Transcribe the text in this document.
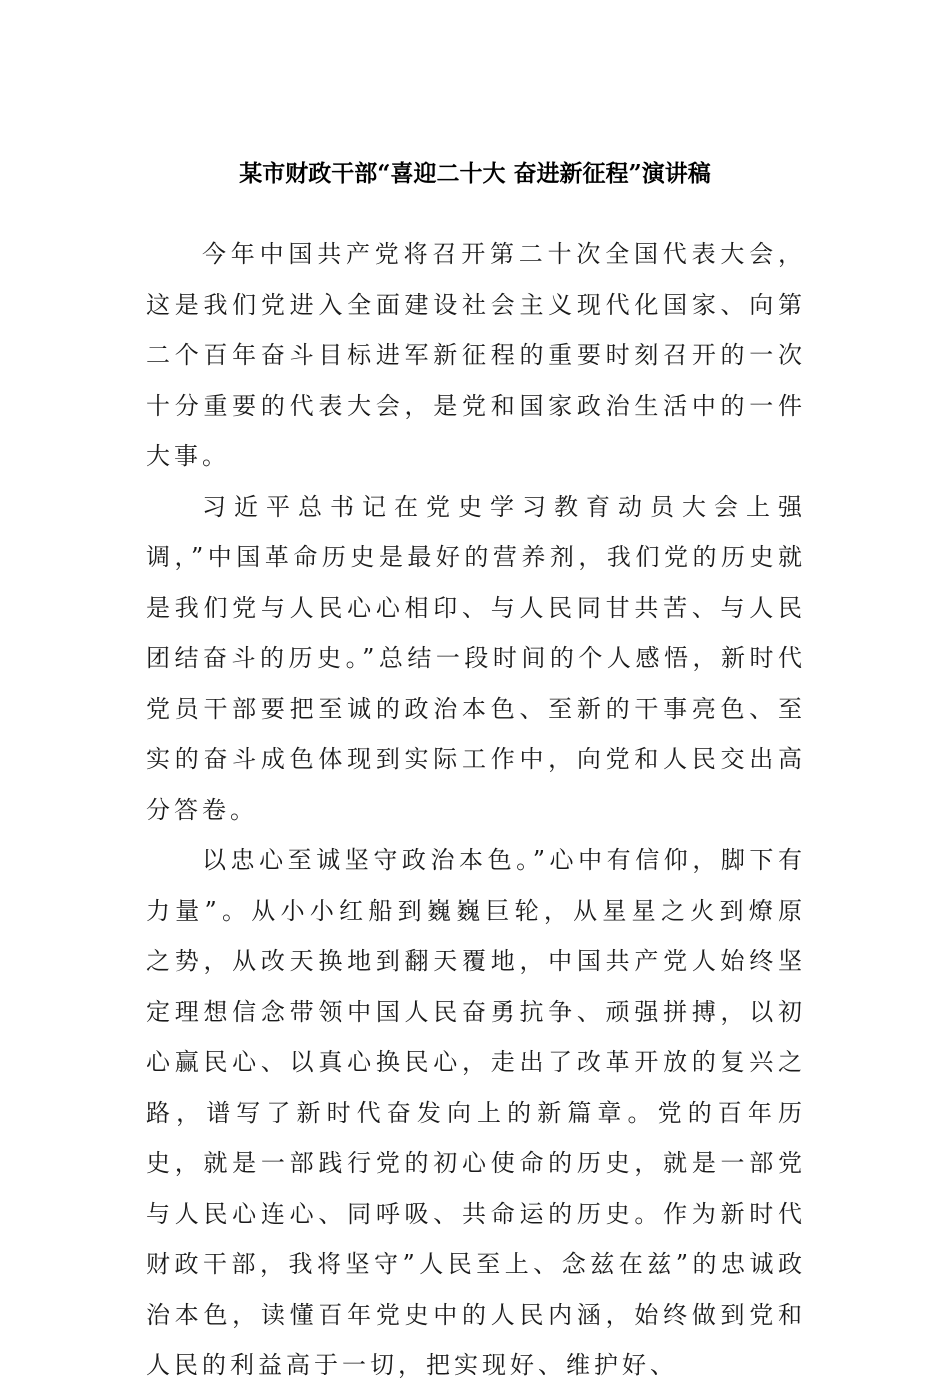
某市财政干部“喜迎二十大 奋进新征程”演讲稿

今年中国共产党将召开第二十次全国代表大会，这是我们党进入全面建设社会主义现代化国家、向第二个百年奋斗目标进军新征程的重要时刻召开的一次十分重要的代表大会，是党和国家政治生活中的一件大事。

习近平总书记在党史学习教育动员大会上强调，”中国革命历史是最好的营养剂，我们党的历史就是我们党与人民心心相印、与人民同甘共苦、与人民团结奋斗的历史。”总结一段时间的个人感悟，新时代党员干部要把至诚的政治本色、至新的干事亮色、至实的奋斗成色体现到实际工作中，向党和人民交出高分答卷。

以忠心至诚坚守政治本色。”心中有信仰，脚下有力量”。从小小红船到巍巍巨轮，从星星之火到燎原之势，从改天换地到翻天覆地，中国共产党人始终坚定理想信念带领中国人民奋勇抗争、顽强拼搏，以初心赢民心、以真心换民心，走出了改革开放的复兴之路，谱写了新时代奋发向上的新篇章。党的百年历史，就是一部践行党的初心使命的历史，就是一部党与人民心连心、同呼吸、共命运的历史。作为新时代财政干部，我将坚守”人民至上、念兹在兹”的忠诚政治本色，读懂百年党史中的人民内涵，始终做到党和人民的利益高于一切，把实现好、维护好、
